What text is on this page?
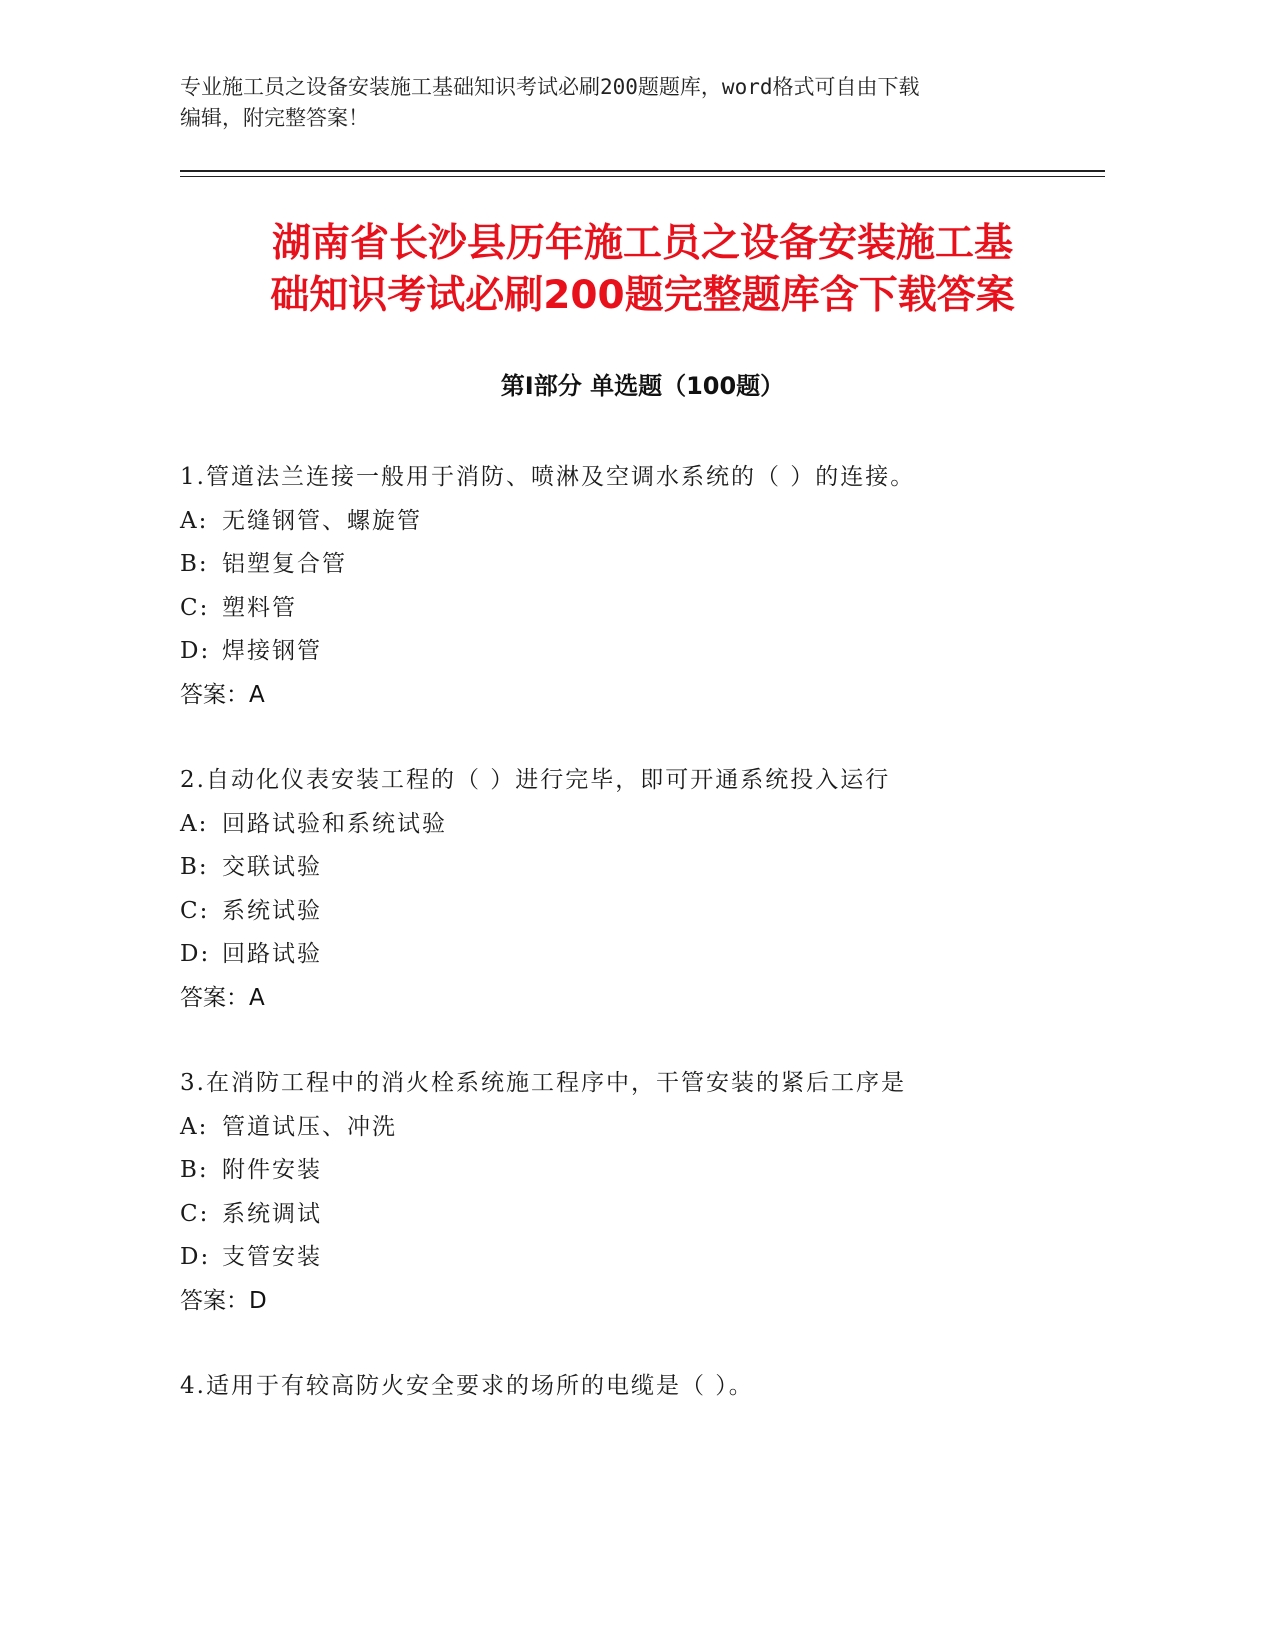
专业施工员之设备安装施工基础知识考试必刷200题题库，word格式可自由下载
编辑，附完整答案！
湖南省长沙县历年施工员之设备安装施工基
础知识考试必刷200题完整题库含下载答案
第Ⅰ部分 单选题（100题）
1.管道法兰连接一般用于消防、喷淋及空调水系统的（ ）的连接。
A: 无缝钢管、螺旋管
B: 铝塑复合管
C: 塑料管
D: 焊接钢管
答案：A
2.自动化仪表安装工程的（ ）进行完毕，即可开通系统投入运行
A: 回路试验和系统试验
B: 交联试验
C: 系统试验
D: 回路试验
答案：A
3.在消防工程中的消火栓系统施工程序中，干管安装的紧后工序是
A: 管道试压、冲洗
B: 附件安装
C: 系统调试
D: 支管安装
答案：D
4.适用于有较高防火安全要求的场所的电缆是（ ）。
